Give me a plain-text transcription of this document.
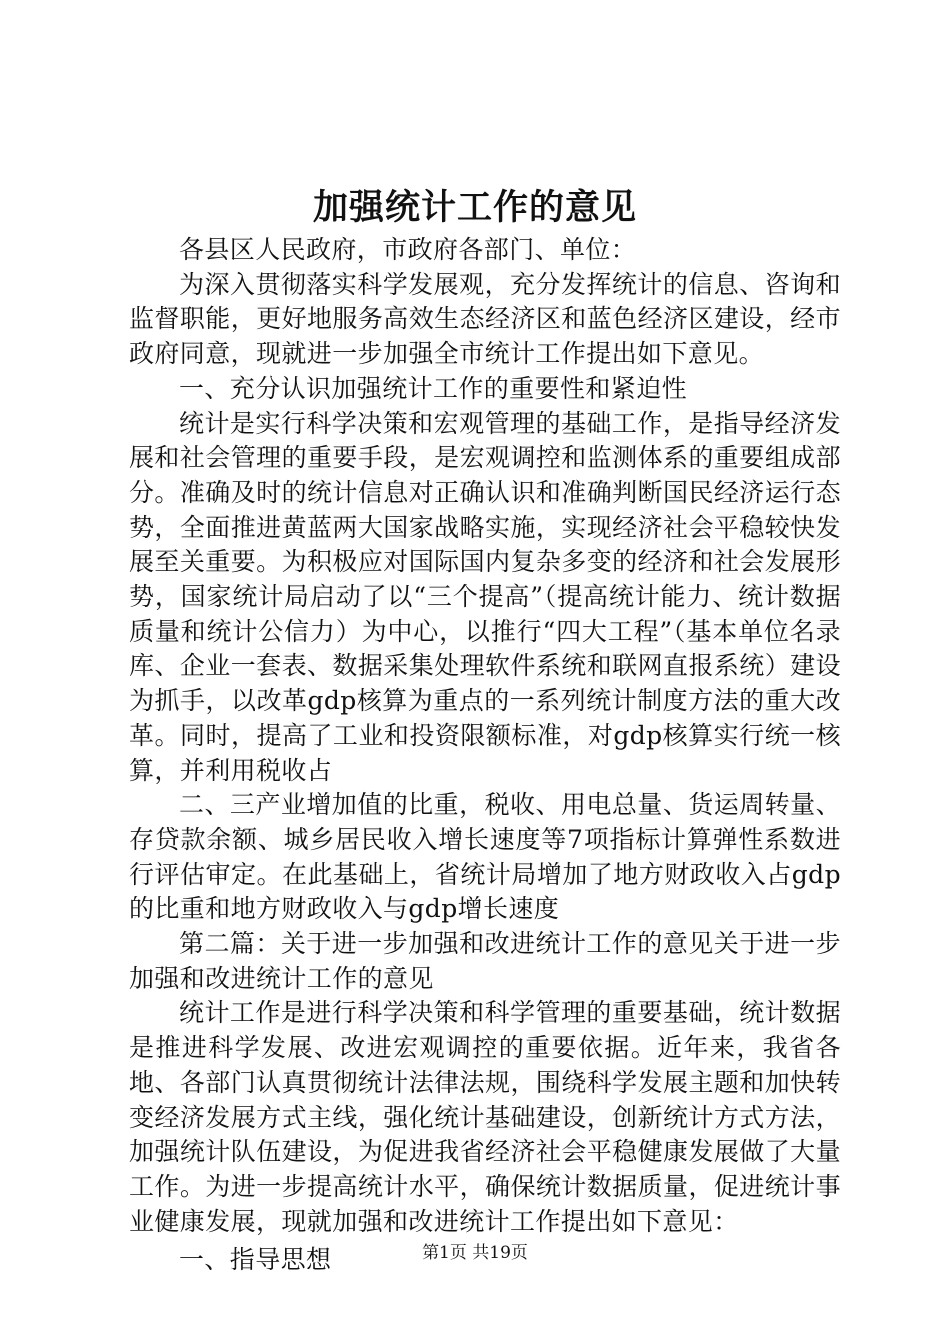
加强统计工作的意见

各县区人民政府，市政府各部门、单位：

为深入贯彻落实科学发展观，充分发挥统计的信息、咨询和监督职能，更好地服务高效生态经济区和蓝色经济区建设，经市政府同意，现就进一步加强全市统计工作提出如下意见。

一、充分认识加强统计工作的重要性和紧迫性

统计是实行科学决策和宏观管理的基础工作，是指导经济发展和社会管理的重要手段，是宏观调控和监测体系的重要组成部分。准确及时的统计信息对正确认识和准确判断国民经济运行态势，全面推进黄蓝两大国家战略实施，实现经济社会平稳较快发展至关重要。为积极应对国际国内复杂多变的经济和社会发展形势，国家统计局启动了以“三个提高”（提高统计能力、统计数据质量和统计公信力）为中心，以推行“四大工程”（基本单位名录库、企业一套表、数据采集处理软件系统和联网直报系统）建设为抓手，以改革gdp核算为重点的一系列统计制度方法的重大改革。同时，提高了工业和投资限额标准，对gdp核算实行统一核算，并利用税收占

二、三产业增加值的比重，税收、用电总量、货运周转量、存贷款余额、城乡居民收入增长速度等7项指标计算弹性系数进行评估审定。在此基础上，省统计局增加了地方财政收入占gdp的比重和地方财政收入与gdp增长速度

第二篇：关于进一步加强和改进统计工作的意见关于进一步加强和改进统计工作的意见

统计工作是进行科学决策和科学管理的重要基础，统计数据是推进科学发展、改进宏观调控的重要依据。近年来，我省各地、各部门认真贯彻统计法律法规，围绕科学发展主题和加快转变经济发展方式主线，强化统计基础建设，创新统计方式方法，加强统计队伍建设，为促进我省经济社会平稳健康发展做了大量工作。为进一步提高统计水平，确保统计数据质量，促进统计事业健康发展，现就加强和改进统计工作提出如下意见：

一、指导思想	第1页 共19页
